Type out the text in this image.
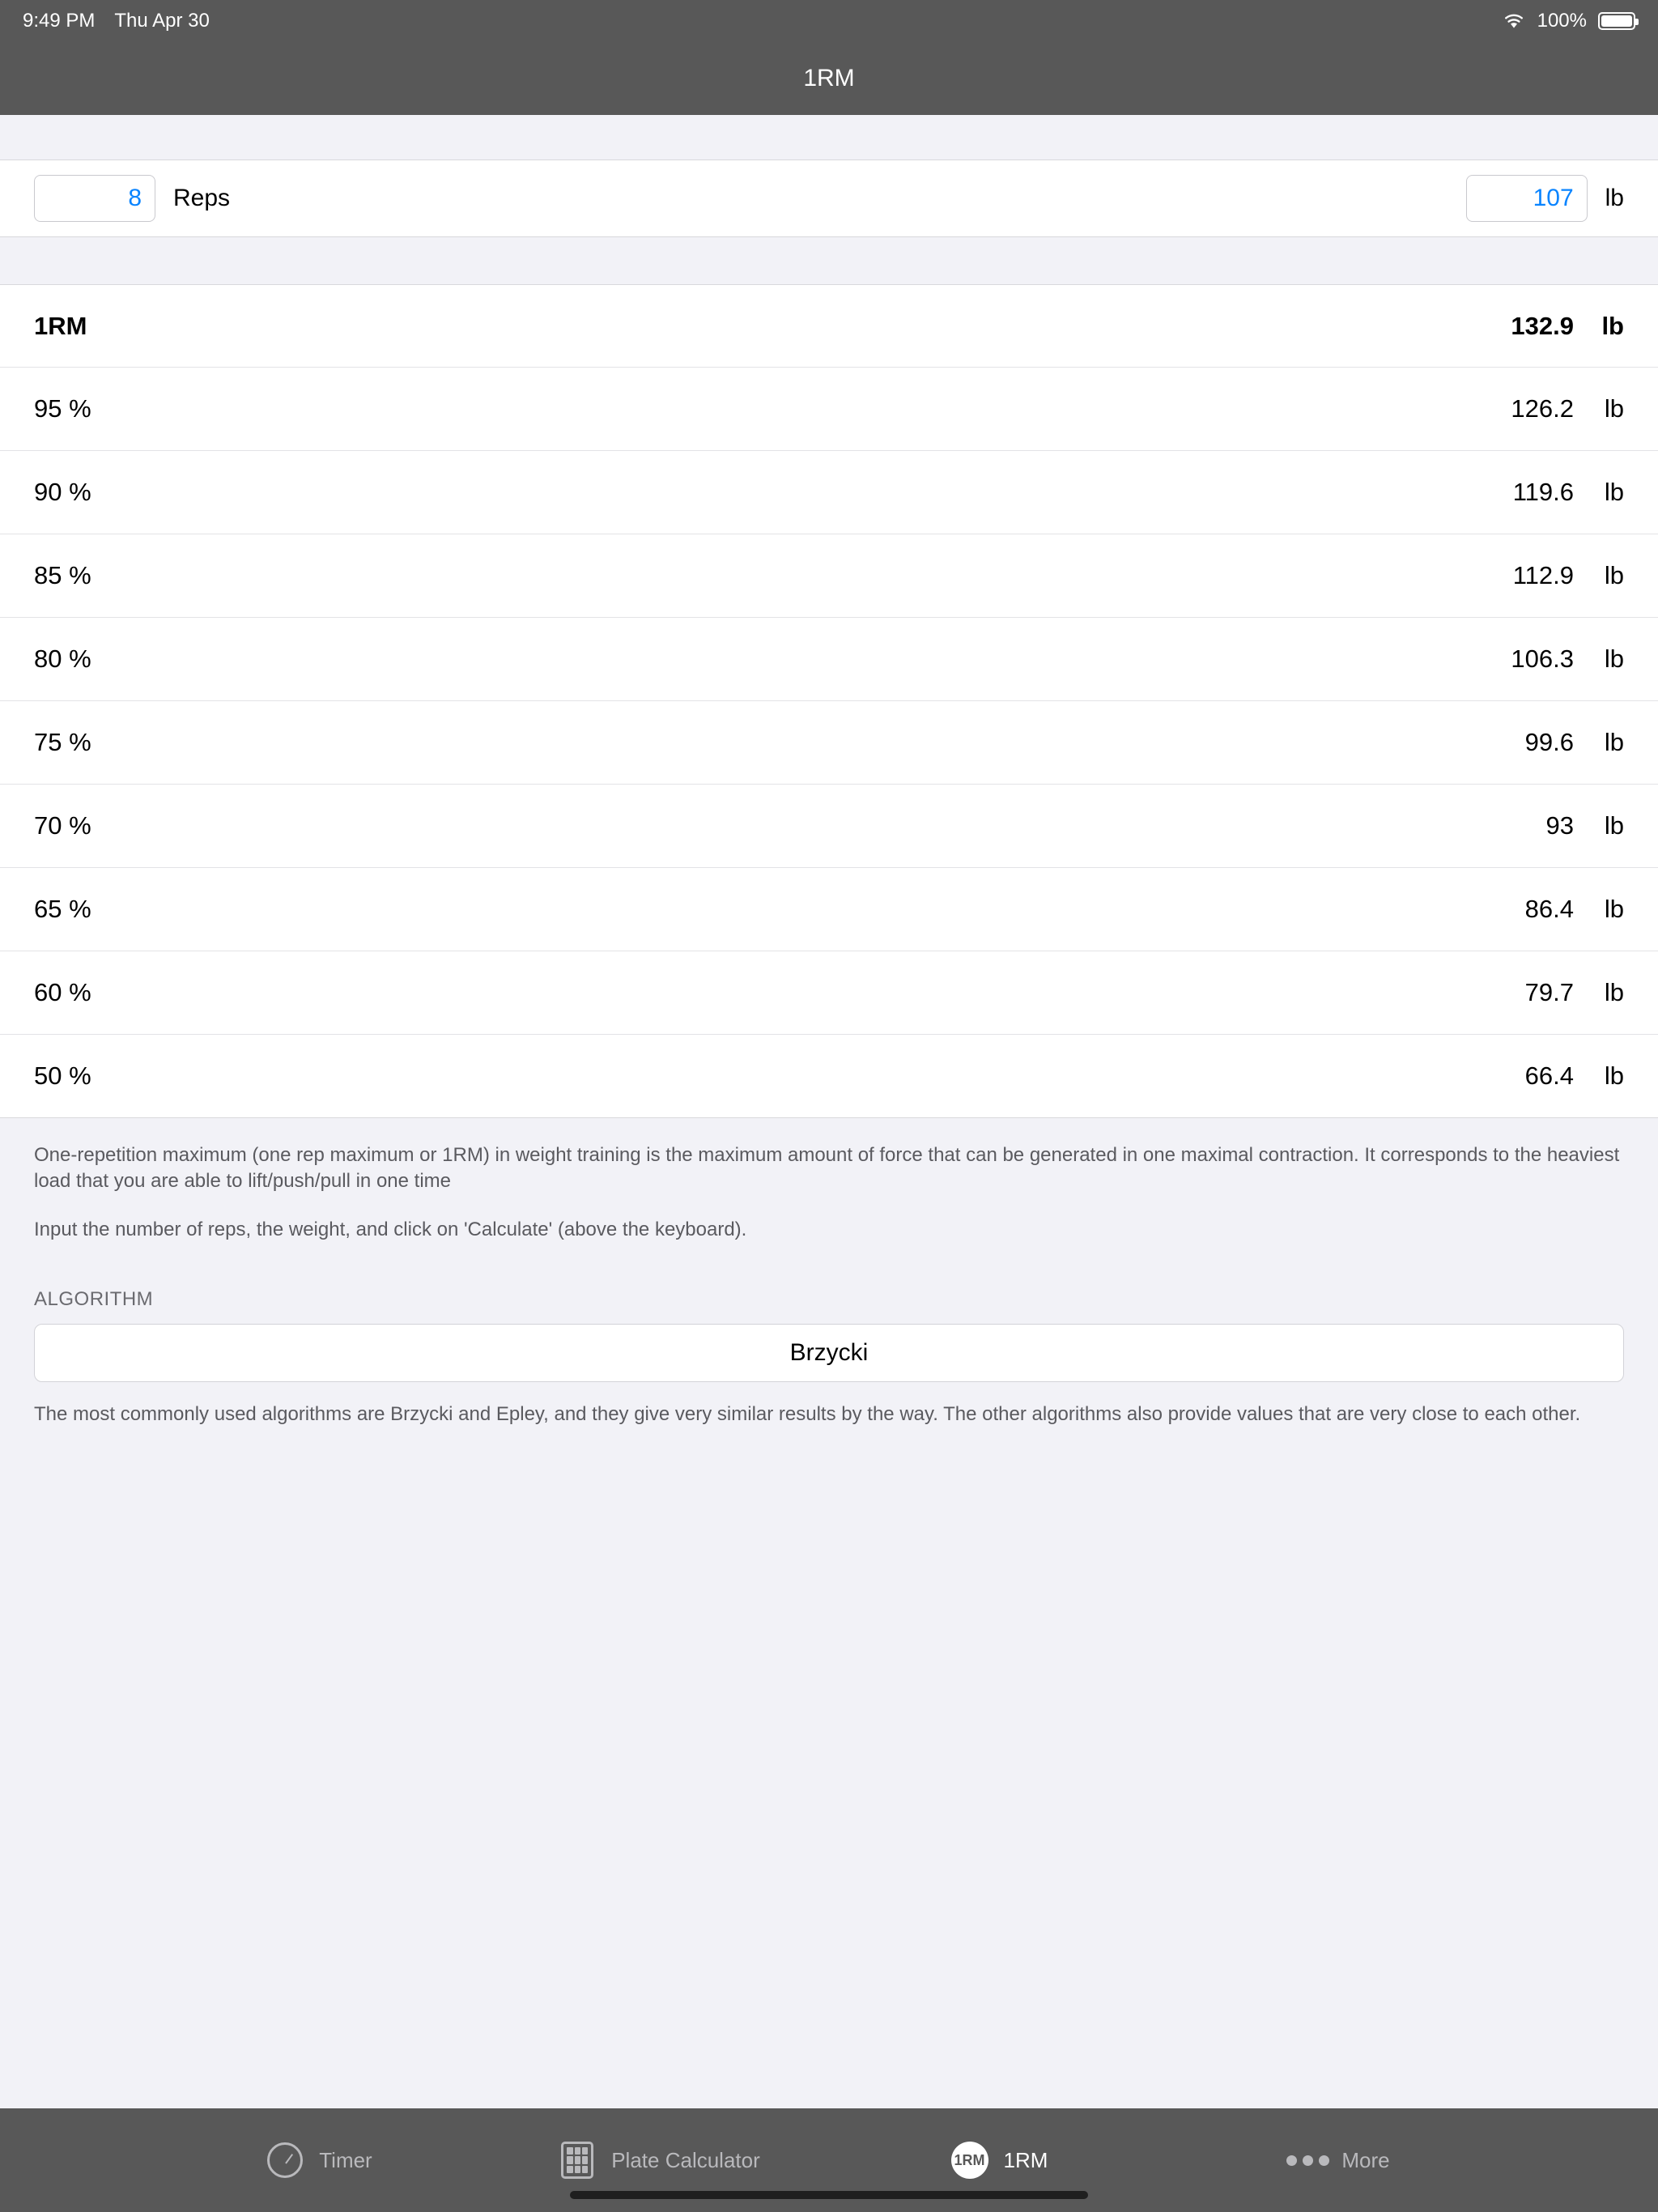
9:49 PM Thu Apr 30	100%
1RM
8
Reps
107	lb
1RM	132.9	lb
95 %	126.2	lb
90 %	119.6	lb
85 %	112.9	lb
80 %	106.3	lb
75 %	99.6	lb
70 %	93	lb
65 %	86.4	lb
60 %	79.7	lb
50 %	66.4	lb

One-repetition maximum (one rep maximum or 1RM) in weight training is the maximum amount of force that can be generated in one maximal contraction. It corresponds to the heaviest load that you are able to lift/push/pull in one time

Input the number of reps, the weight, and click on 'Calculate' (above the keyboard).

ALGORITHM
Brzycki
The most commonly used algorithms are Brzycki and Epley, and they give very similar results by the way. The other algorithms also provide values that are very close to each other.
Timer	Plate Calculator	1RM 1RM	More
